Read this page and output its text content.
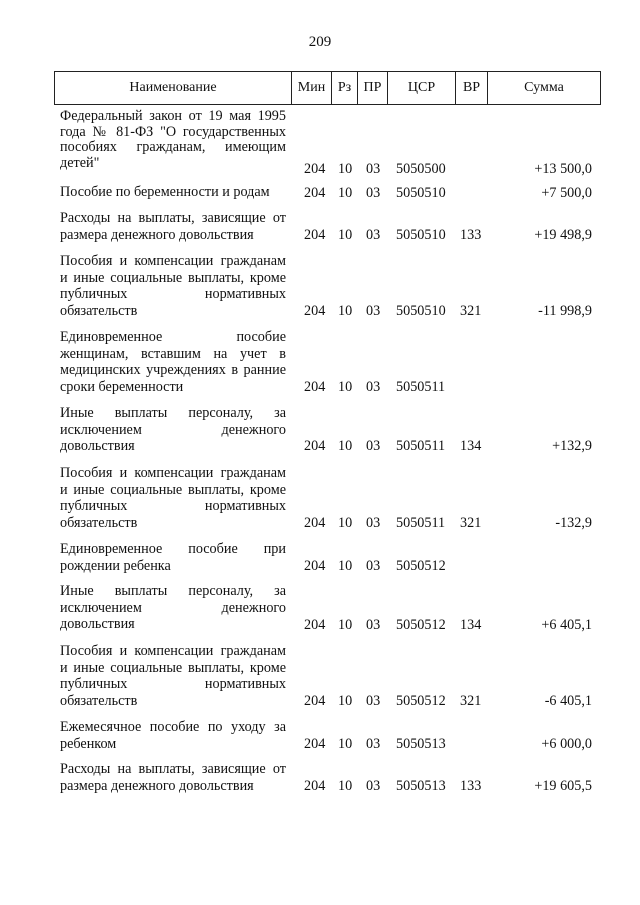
209
Наименование	Мин Рз ПР	ЦСР	ВР	Сумма
Федеральный закон от 19 мая 1995 года № 81-ФЗ "О государственных пособиях гражданам, имеющим детей"	204 10 03 5050500	+13 500,0
Пособие по беременности и родам	204 10 03 5050510	+7 500,0
Расходы на выплаты, зависящие от размера денежного довольствия	204 10 03 5050510 133	+19 498,9
Пособия и компенсации гражданам и иные социальные выплаты, кроме публичных нормативных обязательств	204 10 03 5050510 321	-11 998,9
Единовременное пособие женщинам, вставшим на учет в медицинских учреждениях в ранние сроки беременности	204 10 03 5050511
Иные выплаты персоналу, за исключением денежного довольствия	204 10 03 5050511 134	+132,9
Пособия и компенсации гражданам и иные социальные выплаты, кроме публичных нормативных обязательств	204 10 03 5050511 321	-132,9
Единовременное пособие при рождении ребенка	204 10 03 5050512
Иные выплаты персоналу, за исключением денежного довольствия	204 10 03 5050512 134	+6 405,1
Пособия и компенсации гражданам и иные социальные выплаты, кроме публичных нормативных обязательств	204 10 03 5050512 321	-6 405,1
Ежемесячное пособие по уходу за ребенком	204 10 03 5050513	+6 000,0
Расходы на выплаты, зависящие от размера денежного довольствия	204 10 03 5050513 133	+19 605,5
